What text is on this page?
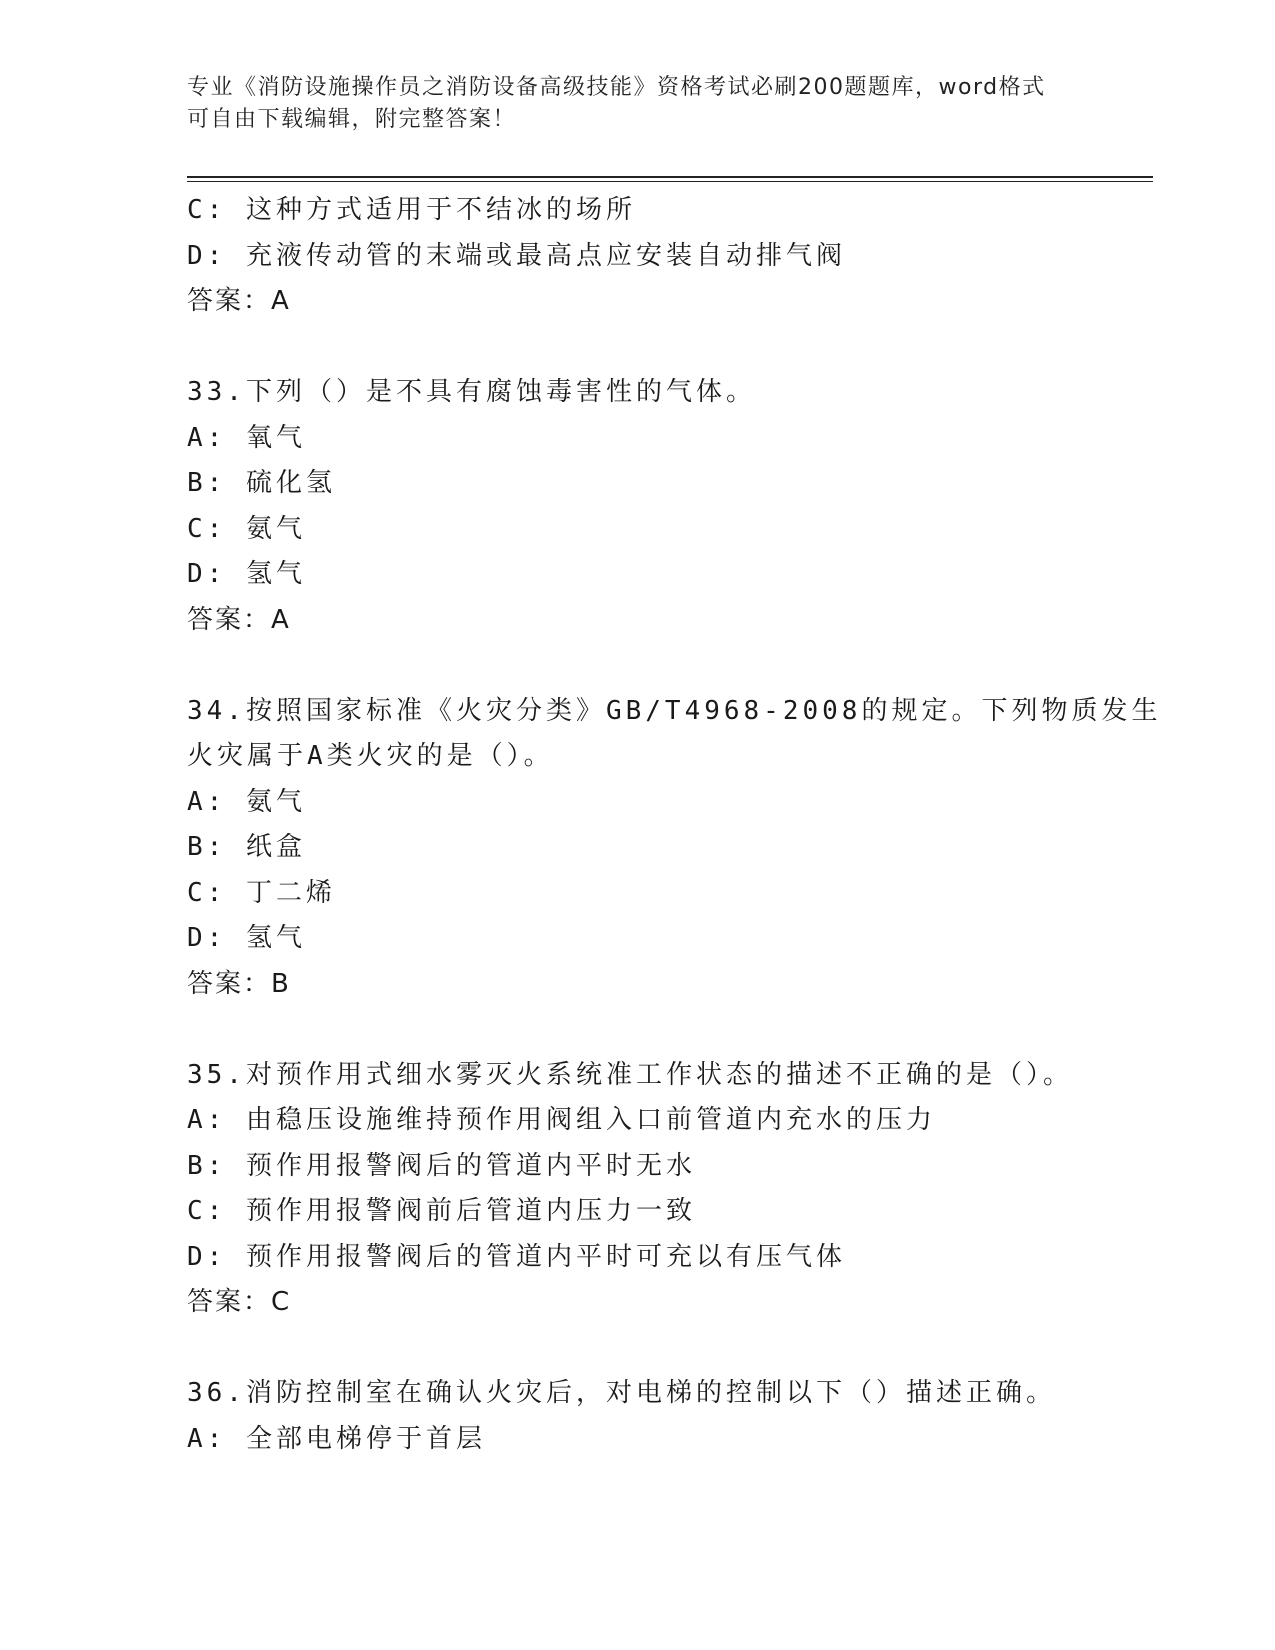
专业《消防设施操作员之消防设备高级技能》资格考试必刷200题题库，word格式可自由下载编辑，附完整答案！
C: 这种方式适用于不结冰的场所
D: 充液传动管的末端或最高点应安装自动排气阀
答案：A
33.下列（）是不具有腐蚀毒害性的气体。
A: 氧气
B: 硫化氢
C: 氨气
D: 氢气
答案：A
34.按照国家标准《火灾分类》GB/T4968-2008的规定。下列物质发生
火灾属于A类火灾的是（）。
A: 氨气
B: 纸盒
C: 丁二烯
D: 氢气
答案：B
35.对预作用式细水雾灭火系统准工作状态的描述不正确的是（）。
A: 由稳压设施维持预作用阀组入口前管道内充水的压力
B: 预作用报警阀后的管道内平时无水
C: 预作用报警阀前后管道内压力一致
D: 预作用报警阀后的管道内平时可充以有压气体
答案：C
36.消防控制室在确认火灾后，对电梯的控制以下（）描述正确。
A: 全部电梯停于首层
